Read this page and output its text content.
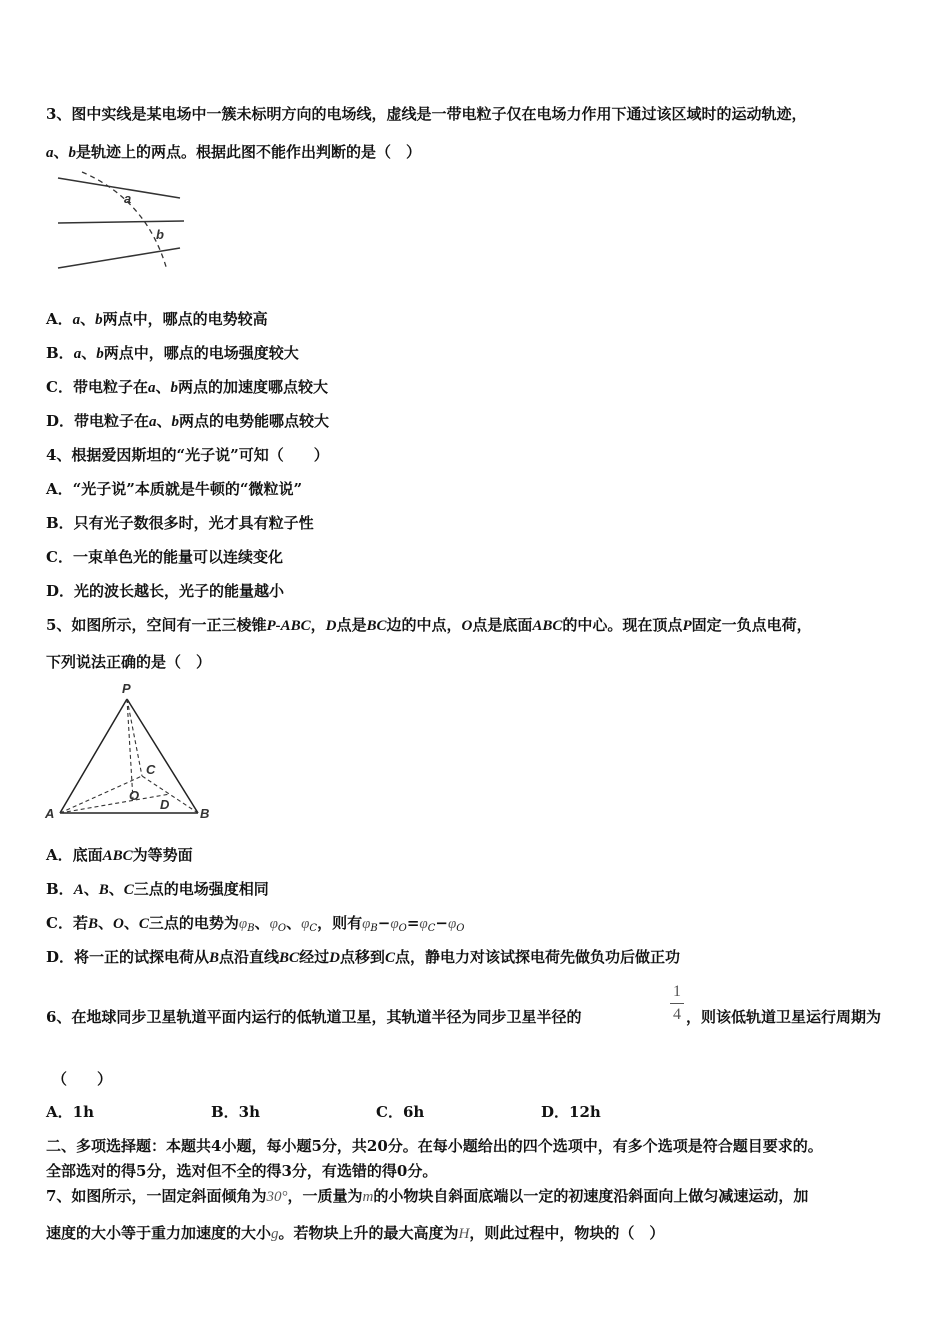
3、图中实线是某电场中一簇未标明方向的电场线，虚线是一带电粒子仅在电场力作用下通过该区域时的运动轨迹，
a、b是轨迹上的两点。根据此图不能作出判断的是（　）
a
b
A．a、b两点中，哪点的电势较高
B．a、b两点中，哪点的电场强度较大
C．带电粒子在a、b两点的加速度哪点较大
D．带电粒子在a、b两点的电势能哪点较大
4、根据爱因斯坦的“光子说”可知（　　）
A．“光子说”本质就是牛顿的“微粒说”
B．只有光子数很多时，光才具有粒子性
C．一束单色光的能量可以连续变化
D．光的波长越长，光子的能量越小
5、如图所示，空间有一正三棱锥P-ABC，D点是BC边的中点，O点是底面ABC的中心。现在顶点P固定一负点电荷，
下列说法正确的是（　）
P
A	B
C
O
D
A．底面ABC为等势面
B．A、B、C三点的电场强度相同
C．若B、O、C三点的电势为$\varphi_B$、$\varphi_O$、$\varphi_C$，则有$\varphi_B-\varphi_O=\varphi_C-\varphi_O$
D．将一正的试探电荷从B点沿直线BC经过D点移到C点，静电力对该试探电荷先做负功后做正功
6、在地球同步卫星轨道平面内运行的低轨道卫星，其轨道半径为同步卫星半径的
1
4 ，则该低轨道卫星运行周期为
（　　）
A．1h	B．3h	C．6h	D．12h
二、多项选择题：本题共4小题，每小题5分，共20分。在每小题给出的四个选项中，有多个选项是符合题目要求的。
全部选对的得5分，选对但不全的得3分，有选错的得0分。
7、如图所示，一固定斜面倾角为30°，一质量为m的小物块自斜面底端以一定的初速度沿斜面向上做匀减速运动，加
速度的大小等于重力加速度的大小g。若物块上升的最大高度为H，则此过程中，物块的（　）
